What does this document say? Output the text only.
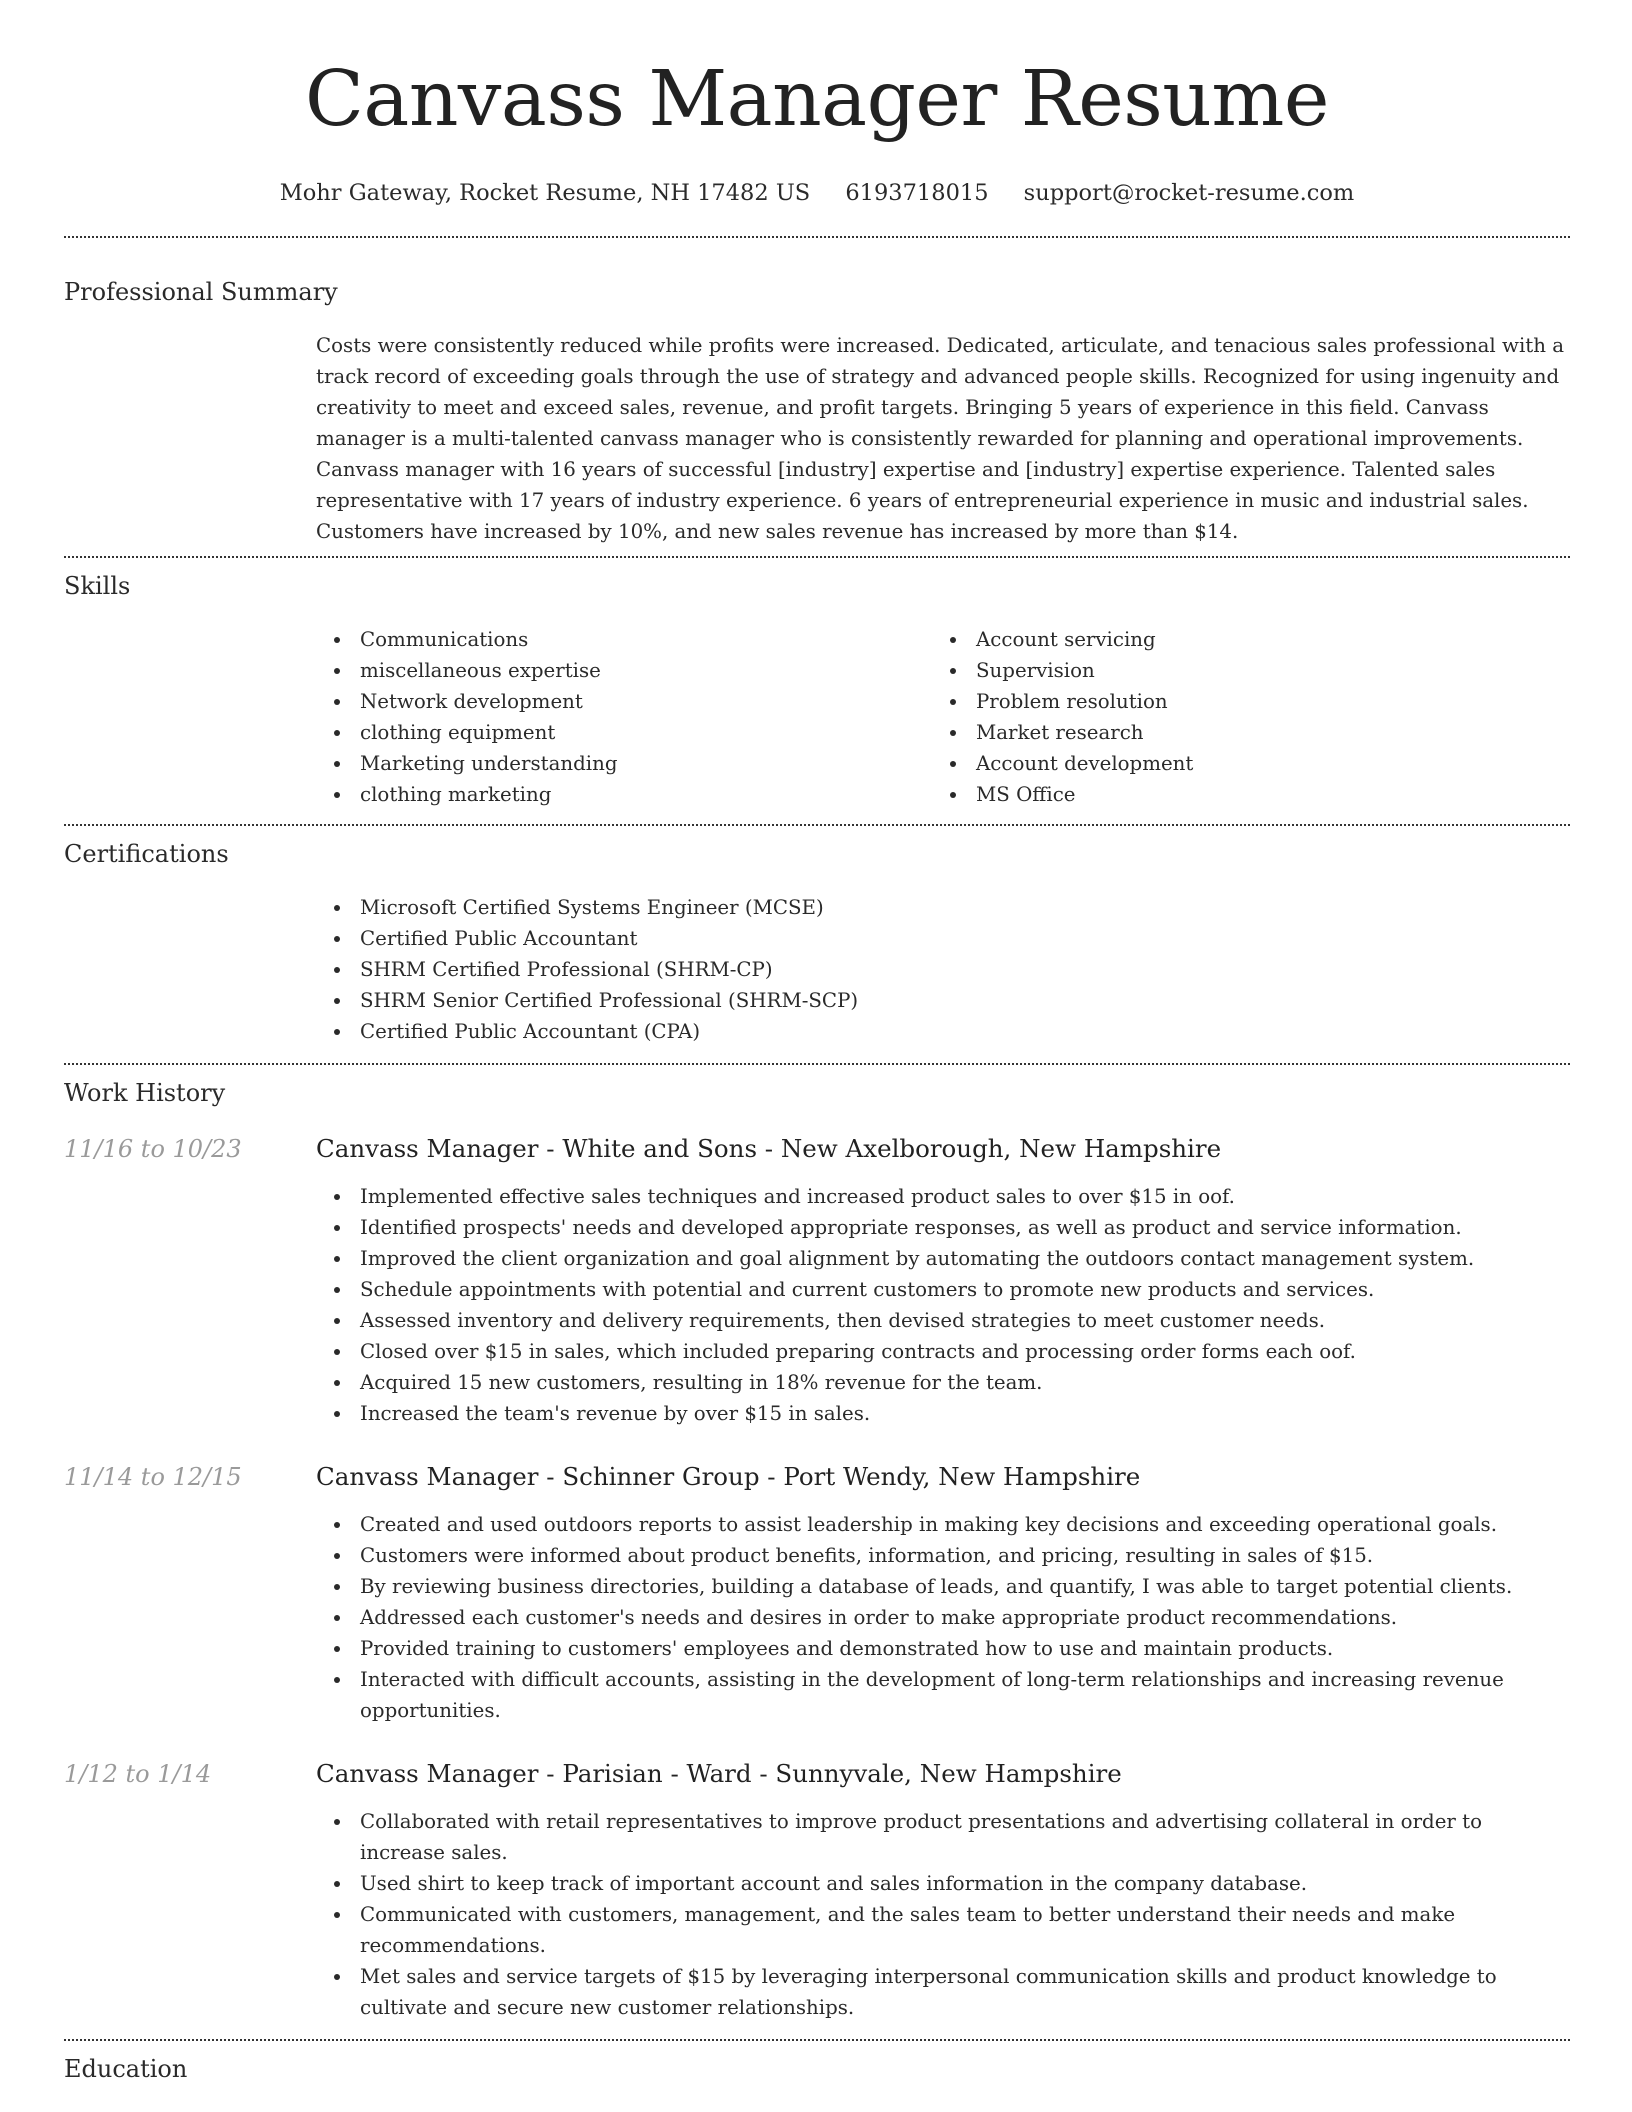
Canvass Manager Resume
Mohr Gateway, Rocket Resume, NH 17482 US 6193718015 support@rocket-resume.com
Professional Summary
Costs were consistently reduced while profits were increased. Dedicated, articulate, and tenacious sales professional with a track record of exceeding goals through the use of strategy and advanced people skills. Recognized for using ingenuity and creativity to meet and exceed sales, revenue, and profit targets. Bringing 5 years of experience in this field. Canvass manager is a multi-talented canvass manager who is consistently rewarded for planning and operational improvements. Canvass manager with 16 years of successful [industry] expertise and [industry] expertise experience. Talented sales representative with 17 years of industry experience. 6 years of entrepreneurial experience in music and industrial sales. Customers have increased by 10%, and new sales revenue has increased by more than $14.
Skills
Communications
miscellaneous expertise
Network development
clothing equipment
Marketing understanding
clothing marketing
Account servicing
Supervision
Problem resolution
Market research
Account development
MS Office
Certifications
Microsoft Certified Systems Engineer (MCSE)
Certified Public Accountant
SHRM Certified Professional (SHRM-CP)
SHRM Senior Certified Professional (SHRM-SCP)
Certified Public Accountant (CPA)
Work History
11/16 to 10/23	Canvass Manager - White and Sons - New Axelborough, New Hampshire
Implemented effective sales techniques and increased product sales to over $15 in oof.
Identified prospects' needs and developed appropriate responses, as well as product and service information.
Improved the client organization and goal alignment by automating the outdoors contact management system.
Schedule appointments with potential and current customers to promote new products and services.
Assessed inventory and delivery requirements, then devised strategies to meet customer needs.
Closed over $15 in sales, which included preparing contracts and processing order forms each oof.
Acquired 15 new customers, resulting in 18% revenue for the team.
Increased the team's revenue by over $15 in sales.
11/14 to 12/15	Canvass Manager - Schinner Group - Port Wendy, New Hampshire
Created and used outdoors reports to assist leadership in making key decisions and exceeding operational goals.
Customers were informed about product benefits, information, and pricing, resulting in sales of $15.
By reviewing business directories, building a database of leads, and quantify, I was able to target potential clients.
Addressed each customer's needs and desires in order to make appropriate product recommendations.
Provided training to customers' employees and demonstrated how to use and maintain products.
Interacted with difficult accounts, assisting in the development of long-term relationships and increasing revenue opportunities.
1/12 to 1/14	Canvass Manager - Parisian - Ward - Sunnyvale, New Hampshire
Collaborated with retail representatives to improve product presentations and advertising collateral in order to increase sales.
Used shirt to keep track of important account and sales information in the company database.
Communicated with customers, management, and the sales team to better understand their needs and make recommendations.
Met sales and service targets of $15 by leveraging interpersonal communication skills and product knowledge to cultivate and secure new customer relationships.
Education
